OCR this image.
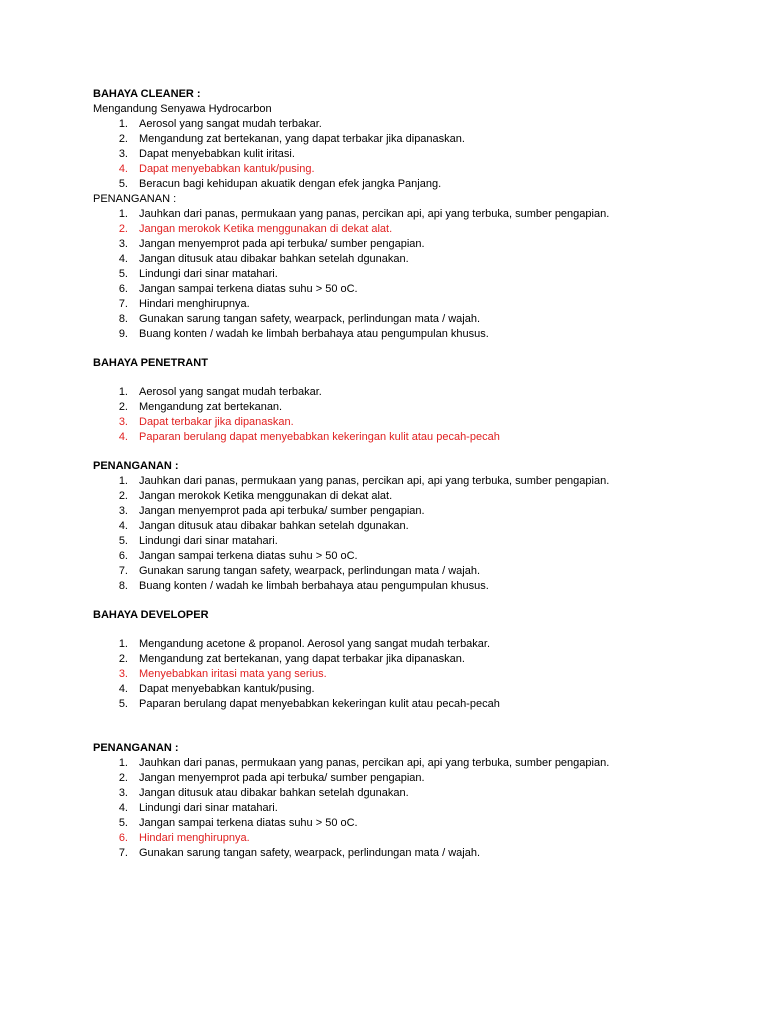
BAHAYA CLEANER :
Mengandung Senyawa Hydrocarbon
1. Aerosol yang sangat mudah terbakar.
2. Mengandung zat bertekanan, yang dapat terbakar jika dipanaskan.
3. Dapat menyebabkan kulit iritasi.
4. Dapat menyebabkan kantuk/pusing.
5. Beracun bagi kehidupan akuatik dengan efek jangka Panjang.
PENANGANAN :
1. Jauhkan dari panas, permukaan yang panas, percikan api, api yang terbuka, sumber pengapian.
2. Jangan merokok Ketika menggunakan di dekat alat.
3. Jangan menyemprot pada api terbuka/ sumber pengapian.
4. Jangan ditusuk atau dibakar bahkan setelah dgunakan.
5. Lindungi dari sinar matahari.
6. Jangan sampai terkena diatas suhu > 50 oC.
7. Hindari menghirupnya.
8. Gunakan sarung tangan safety, wearpack, perlindungan mata / wajah.
9. Buang konten / wadah ke limbah berbahaya atau pengumpulan khusus.
BAHAYA PENETRANT
1. Aerosol yang sangat mudah terbakar.
2. Mengandung zat bertekanan.
3. Dapat terbakar jika dipanaskan.
4. Paparan berulang dapat menyebabkan kekeringan kulit atau pecah-pecah
PENANGANAN :
1. Jauhkan dari panas, permukaan yang panas, percikan api, api yang terbuka, sumber pengapian.
2. Jangan merokok Ketika menggunakan di dekat alat.
3. Jangan menyemprot pada api terbuka/ sumber pengapian.
4. Jangan ditusuk atau dibakar bahkan setelah dgunakan.
5. Lindungi dari sinar matahari.
6. Jangan sampai terkena diatas suhu > 50 oC.
7. Gunakan sarung tangan safety, wearpack, perlindungan mata / wajah.
8. Buang konten / wadah ke limbah berbahaya atau pengumpulan khusus.
BAHAYA DEVELOPER
1. Mengandung acetone & propanol. Aerosol yang sangat mudah terbakar.
2. Mengandung zat bertekanan, yang dapat terbakar jika dipanaskan.
3. Menyebabkan iritasi mata yang serius.
4. Dapat menyebabkan kantuk/pusing.
5. Paparan berulang dapat menyebabkan kekeringan kulit atau pecah-pecah
PENANGANAN :
1. Jauhkan dari panas, permukaan yang panas, percikan api, api yang terbuka, sumber pengapian.
2. Jangan menyemprot pada api terbuka/ sumber pengapian.
3. Jangan ditusuk atau dibakar bahkan setelah dgunakan.
4. Lindungi dari sinar matahari.
5. Jangan sampai terkena diatas suhu > 50 oC.
6. Hindari menghirupnya.
7. Gunakan sarung tangan safety, wearpack, perlindungan mata / wajah.
